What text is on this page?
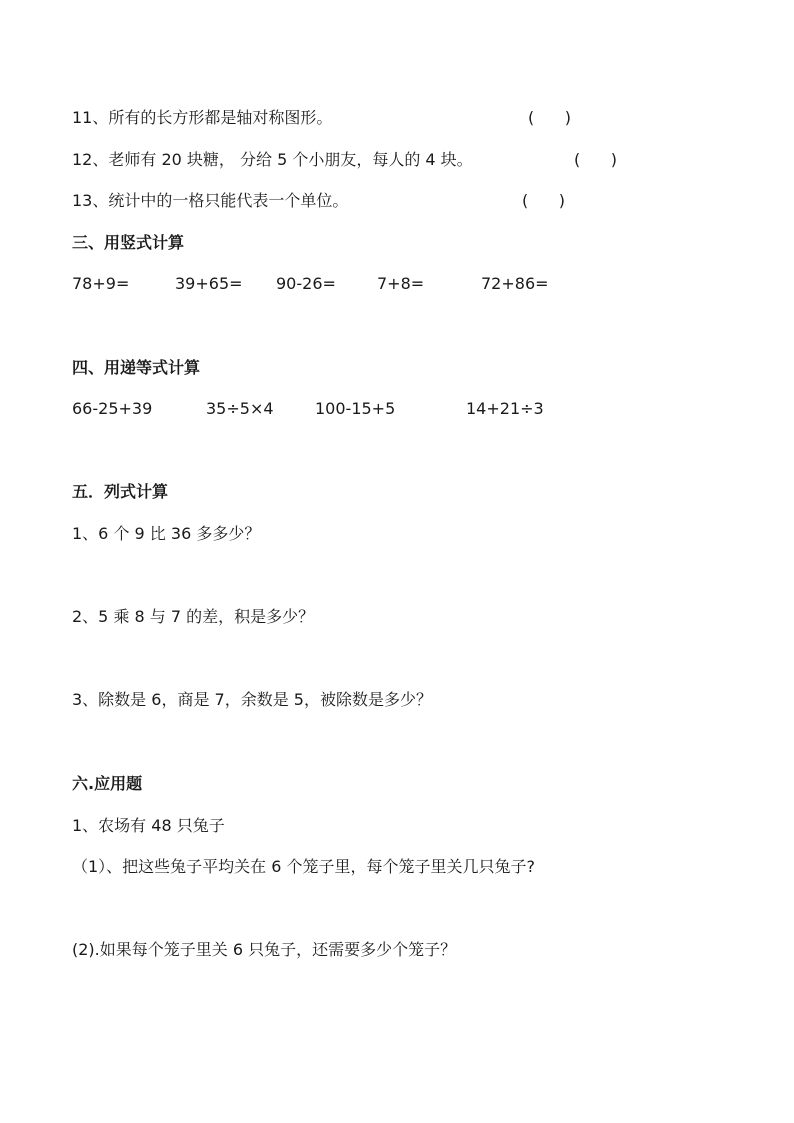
11、所有的长方形都是轴对称图形。	(      )
12、老师有 20 块糖， 分给 5 个小朋友，每人的 4 块。	(      )
13、统计中的一格只能代表一个单位。	(      )
三、用竖式计算
78+9=	39+65= 90-26=	7+8=	72+86=
四、用递等式计算
66-25+39	35÷5×4	100-15+5	14+21÷3
五．列式计算
1、6 个 9 比 36 多多少？
2、5 乘 8 与 7 的差，积是多少？
3、除数是 6，商是 7，余数是 5，被除数是多少？
六.应用题
1、农场有 48 只兔子
（1）、把这些兔子平均关在 6 个笼子里，每个笼子里关几只兔子?
(2).如果每个笼子里关 6 只兔子，还需要多少个笼子？
